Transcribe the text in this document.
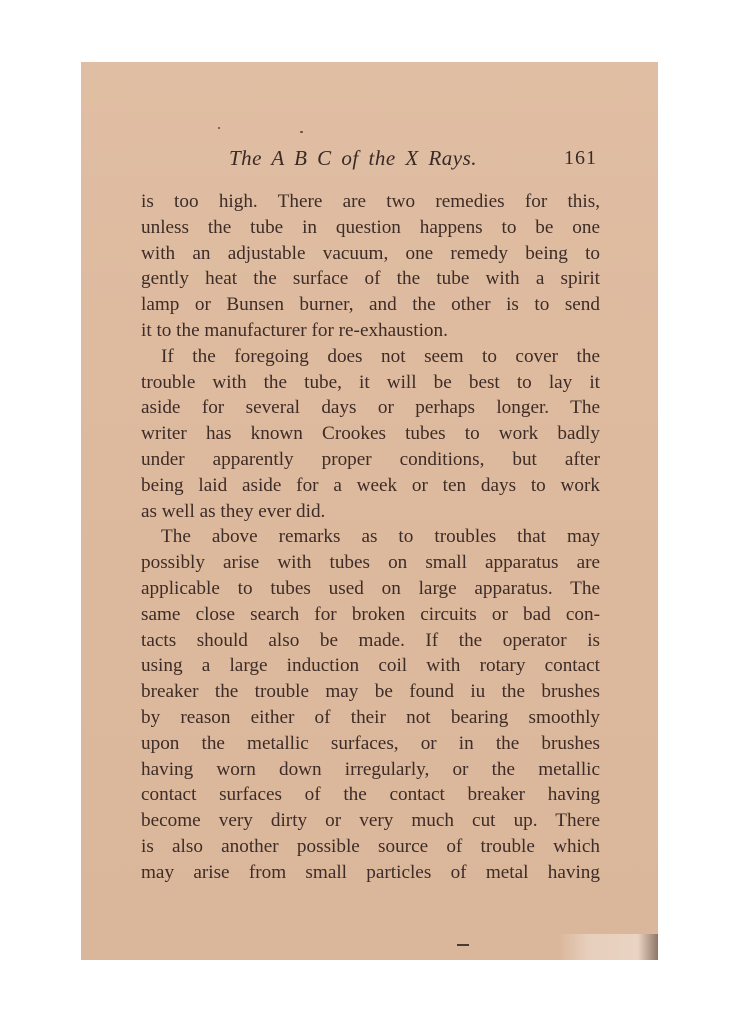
The A B C of the X Rays.	161
is too high. There are two remedies for this,
unless the tube in question happens to be one
with an adjustable vacuum, one remedy being to
gently heat the surface of the tube with a spirit
lamp or Bunsen burner, and the other is to send
it to the manufacturer for re-exhaustion.
If the foregoing does not seem to cover the
trouble with the tube, it will be best to lay it
aside for several days or perhaps longer. The
writer has known Crookes tubes to work badly
under apparently proper conditions, but after
being laid aside for a week or ten days to work
as well as they ever did.
The above remarks as to troubles that may
possibly arise with tubes on small apparatus are
applicable to tubes used on large apparatus. The
same close search for broken circuits or bad con-
tacts should also be made. If the operator is
using a large induction coil with rotary contact
breaker the trouble may be found iu the brushes
by reason either of their not bearing smoothly
upon the metallic surfaces, or in the brushes
having worn down irregularly, or the metallic
contact surfaces of the contact breaker having
become very dirty or very much cut up. There
is also another possible source of trouble which
may arise from small particles of metal having
